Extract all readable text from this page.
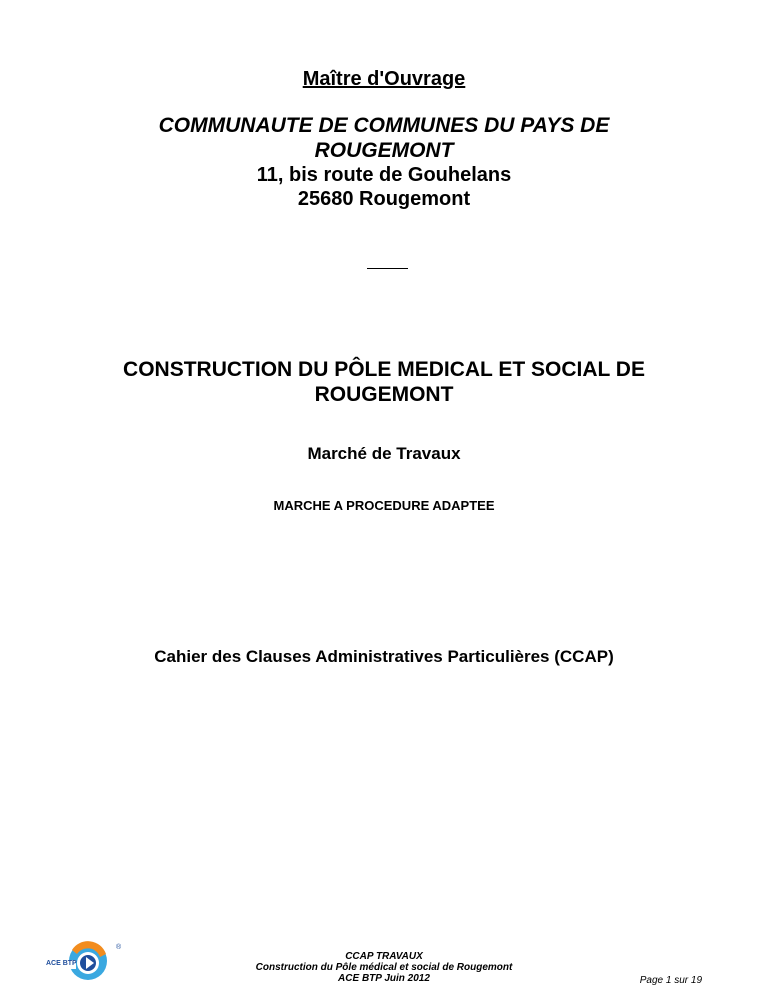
Maître d'Ouvrage
COMMUNAUTE DE COMMUNES DU PAYS DE
ROUGEMONT
11, bis route de Gouhelans
25680 Rougemont
CONSTRUCTION DU PÔLE MEDICAL ET SOCIAL DE
ROUGEMONT
Marché de Travaux
MARCHE A PROCEDURE ADAPTEE
Cahier des Clauses Administratives Particulières (CCAP)
ACE BTP
®
CCAP TRAVAUX
Construction du Pôle médical et social de Rougemont
ACE BTP Juin 2012	Page 1 sur 19
